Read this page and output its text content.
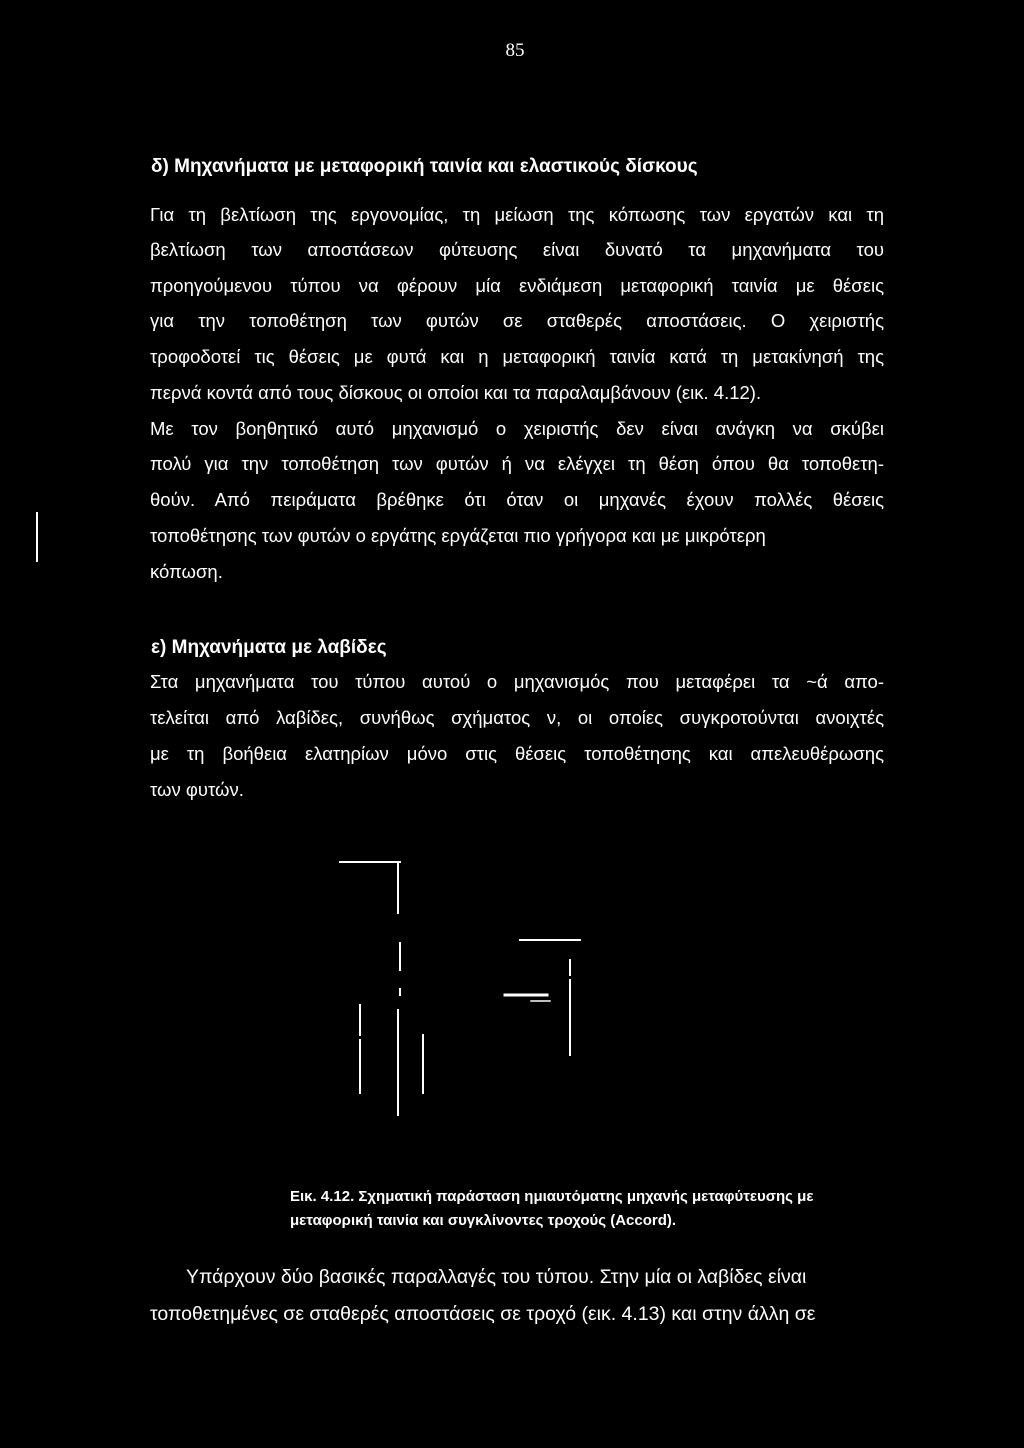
85
δ) Μηχανήματα με μεταφορική ταινία και ελαστικούς δίσκους
Για τη βελτίωση της εργονομίας, τη μείωση της κόπωσης των εργατών και τη
βελτίωση των αποστάσεων φύτευσης είναι δυνατό τα μηχανήματα του
προηγούμενου τύπου να φέρουν μία ενδιάμεση μεταφορική ταινία με θέσεις
για την τοποθέτηση των φυτών σε σταθερές αποστάσεις. Ο χειριστής
τροφοδοτεί τις θέσεις με φυτά και η μεταφορική ταινία κατά τη μετακίνησή της
περνά κοντά από τους δίσκους οι οποίοι και τα παραλαμβάνουν (εικ. 4.12).
Με τον βοηθητικό αυτό μηχανισμό ο χειριστής δεν είναι ανάγκη να σκύβει
πολύ για την τοποθέτηση των φυτών ή να ελέγχει τη θέση όπου θα τοποθετη-
θούν. Από πειράματα βρέθηκε ότι όταν οι μηχανές έχουν πολλές θέσεις
τοποθέτησης των φυτών ο εργάτης εργάζεται πιο γρήγορα και με μικρότερη
κόπωση.
ε) Μηχανήματα με λαβίδες
Στα μηχανήματα του τύπου αυτού ο μηχανισμός που μεταφέρει τα ~ά απο-
τελείται από λαβίδες, συνήθως σχήματος ν, οι οποίες συγκροτούνται ανοιχτές
με τη βοήθεια ελατηρίων μόνο στις θέσεις τοποθέτησης και απελευθέρωσης
των φυτών.
Εικ. 4.12. Σχηματική παράσταση ημιαυτόματης μηχανής μεταφύτευσης με
μεταφορική ταινία και συγκλίνοντες τροχούς (Accord).
Υπάρχουν δύο βασικές παραλλαγές του τύπου. Στην μία οι λαβίδες είναι
τοποθετημένες σε σταθερές αποστάσεις σε τροχό (εικ. 4.13) και στην άλλη σε
